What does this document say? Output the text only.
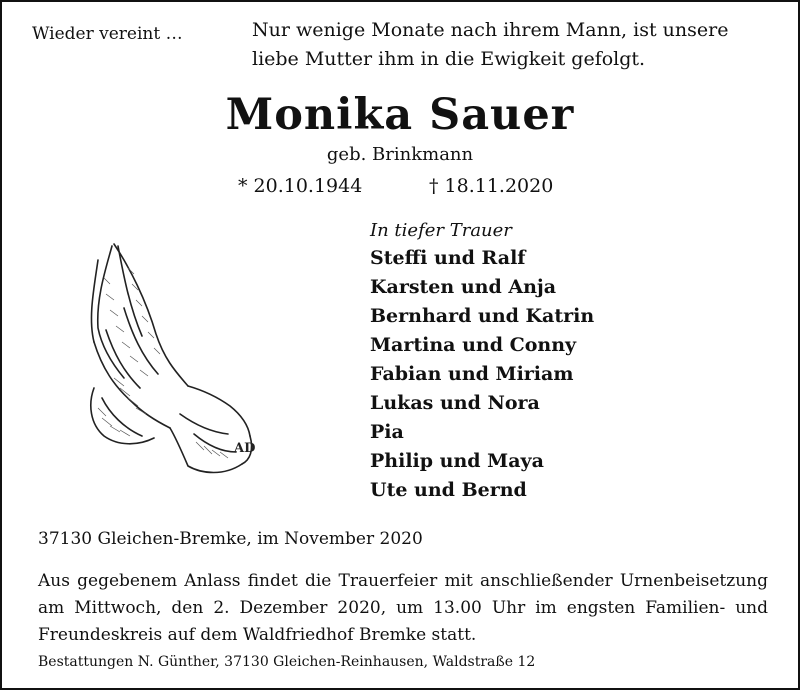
Wieder vereint …	Nur wenige Monate nach ihrem Mann, ist unsere
liebe Mutter ihm in die Ewigkeit gefolgt.
Monika Sauer
geb. Brinkmann
* 20.10.1944	† 18.11.2020
AD
In tiefer Trauer
Steffi und Ralf
Karsten und Anja
Bernhard und Katrin
Martina und Conny
Fabian und Miriam
Lukas und Nora
Pia
Philip und Maya
Ute und Bernd
37130 Gleichen-Bremke, im November 2020
Aus gegebenem Anlass findet die Trauerfeier mit anschließender Urnenbeisetzung am Mittwoch, den 2. Dezember 2020, um 13.00 Uhr im engsten Familien- und Freundeskreis auf dem Waldfriedhof Bremke statt.
Bestattungen N. Günther, 37130 Gleichen-Reinhausen, Waldstraße 12
